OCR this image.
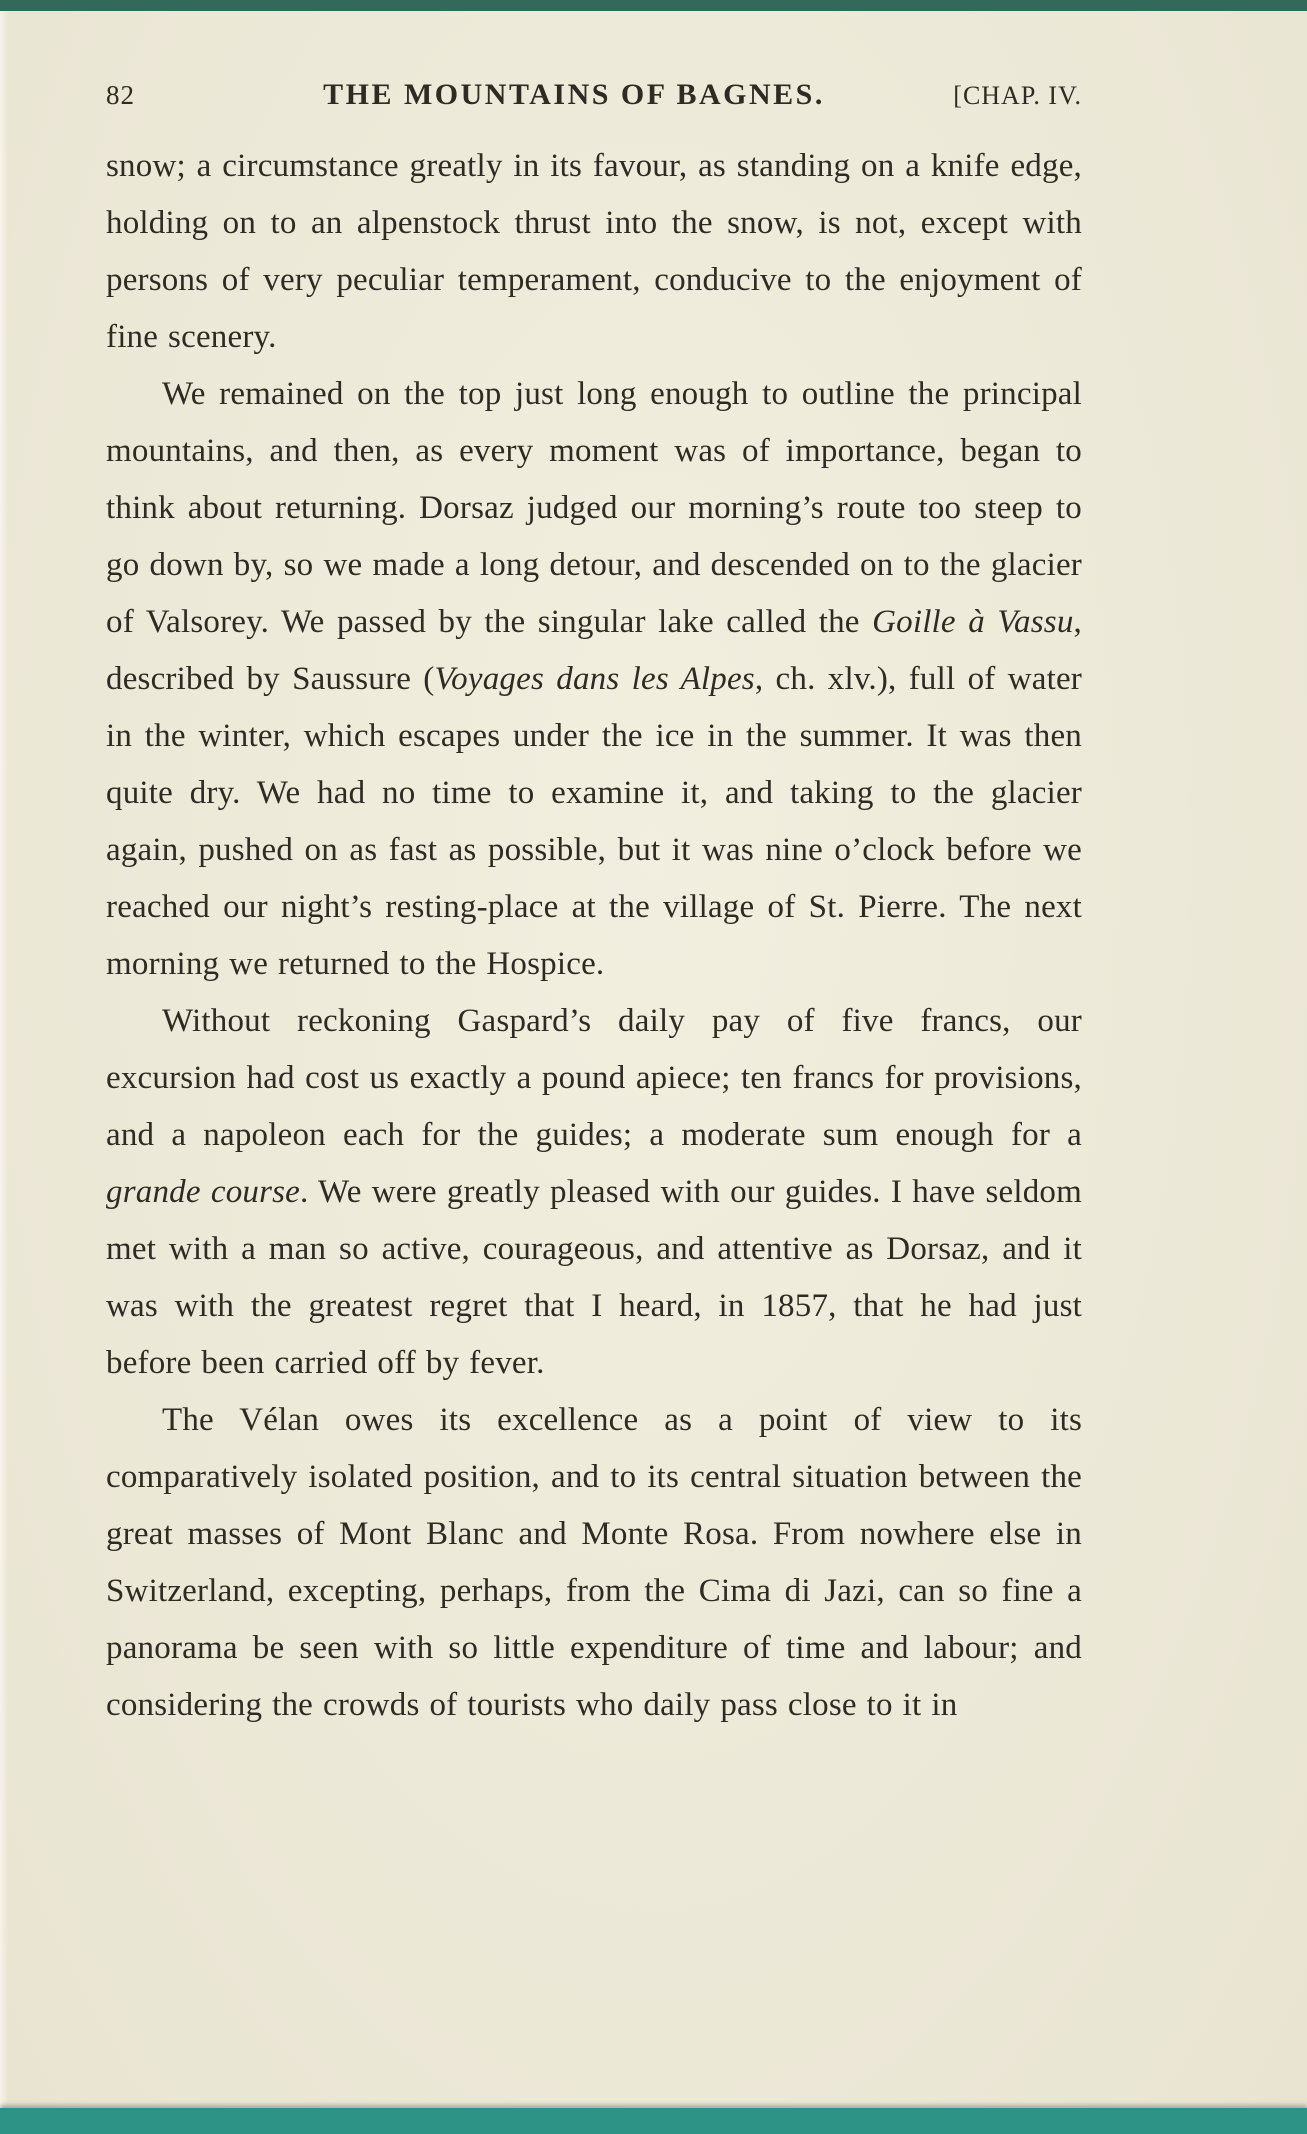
82	THE MOUNTAINS OF BAGNES.	[CHAP. IV.

snow; a circumstance greatly in its favour, as standing on a knife edge, holding on to an alpenstock thrust into the snow, is not, except with persons of very peculiar temperament, conducive to the enjoyment of fine scenery.

We remained on the top just long enough to outline the principal mountains, and then, as every moment was of importance, began to think about returning. Dorsaz judged our morning’s route too steep to go down by, so we made a long detour, and descended on to the glacier of Valsorey. We passed by the singular lake called the Goille à Vassu, described by Saussure (Voyages dans les Alpes, ch. xlv.), full of water in the winter, which escapes under the ice in the summer. It was then quite dry. We had no time to examine it, and taking to the glacier again, pushed on as fast as possible, but it was nine o’clock before we reached our night’s resting-place at the village of St. Pierre. The next morning we returned to the Hospice.

Without reckoning Gaspard’s daily pay of five francs, our excursion had cost us exactly a pound apiece; ten francs for provisions, and a napoleon each for the guides; a moderate sum enough for a grande course. We were greatly pleased with our guides. I have seldom met with a man so active, courageous, and attentive as Dorsaz, and it was with the greatest regret that I heard, in 1857, that he had just before been carried off by fever.

The Vélan owes its excellence as a point of view to its comparatively isolated position, and to its central situation between the great masses of Mont Blanc and Monte Rosa. From nowhere else in Switzerland, excepting, perhaps, from the Cima di Jazi, can so fine a panorama be seen with so little expenditure of time and labour; and considering the crowds of tourists who daily pass close to it in
